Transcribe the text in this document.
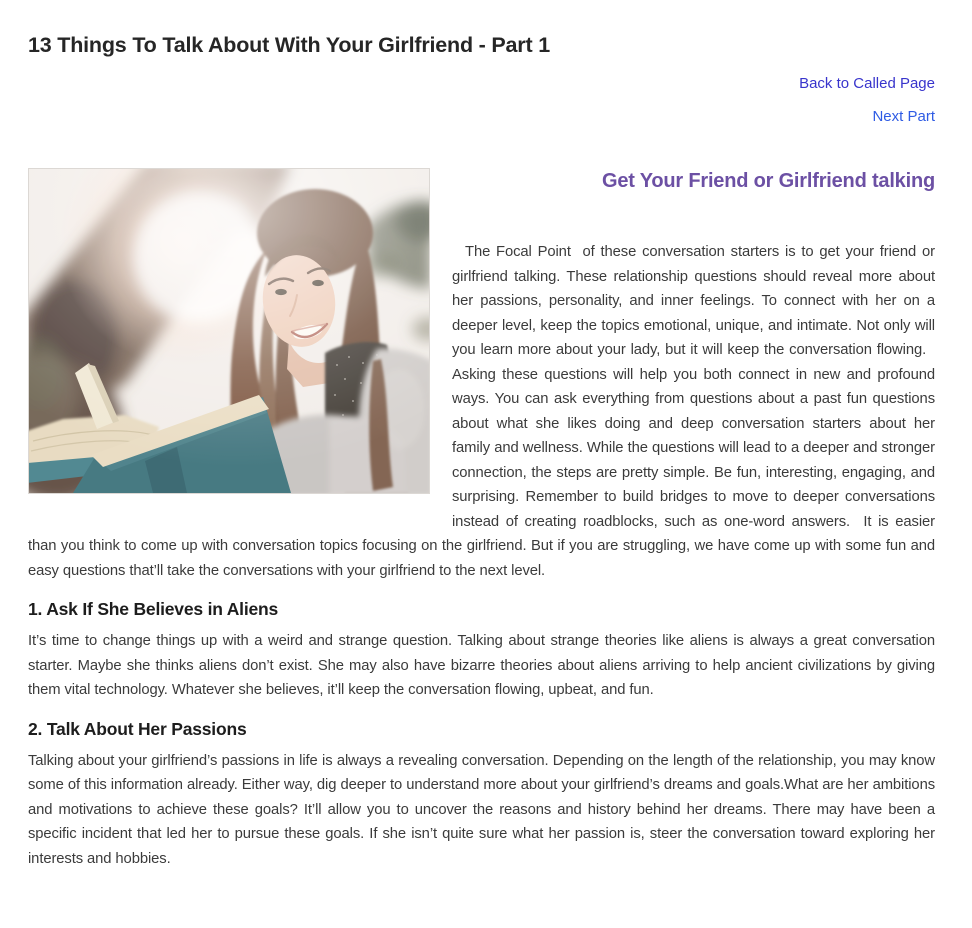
13 Things To Talk About With Your Girlfriend - Part 1
Back to Called Page
Next Part
Get Your Friend or Girlfriend talking

The Focal Point  of these conversation starters is to get your friend or girlfriend talking. These relationship questions should reveal more about her passions, personality, and inner feelings. To connect with her on a deeper level, keep the topics emotional, unique, and intimate. Not only will you learn more about your lady, but it will keep the conversation flowing.   Asking these questions will help you both connect in new and profound ways. You can ask everything from questions about a past fun questions about what she likes doing and deep conversation starters about her family and wellness. While the questions will lead to a deeper and stronger connection, the steps are pretty simple. Be fun, interesting, engaging, and surprising. Remember to build bridges to move to deeper conversations instead of creating roadblocks, such as one-word answers.  It is easier than you think to come up with conversation topics focusing on the girlfriend. But if you are struggling, we have come up with some fun and easy questions that’ll take the conversations with your girlfriend to the next level.

1. Ask If She Believes in Aliens

It’s time to change things up with a weird and strange question. Talking about strange theories like aliens is always a great conversation starter. Maybe she thinks aliens don’t exist. She may also have bizarre theories about aliens arriving to help ancient civilizations by giving them vital technology. Whatever she believes, it’ll keep the conversation flowing, upbeat, and fun.

2. Talk About Her Passions

Talking about your girlfriend’s passions in life is always a revealing conversation. Depending on the length of the relationship, you may know some of this information already. Either way, dig deeper to understand more about your girlfriend’s dreams and goals.What are her ambitions and motivations to achieve these goals? It’ll allow you to uncover the reasons and history behind her dreams. There may have been a specific incident that led her to pursue these goals. If she isn’t quite sure what her passion is, steer the conversation toward exploring her interests and hobbies.
